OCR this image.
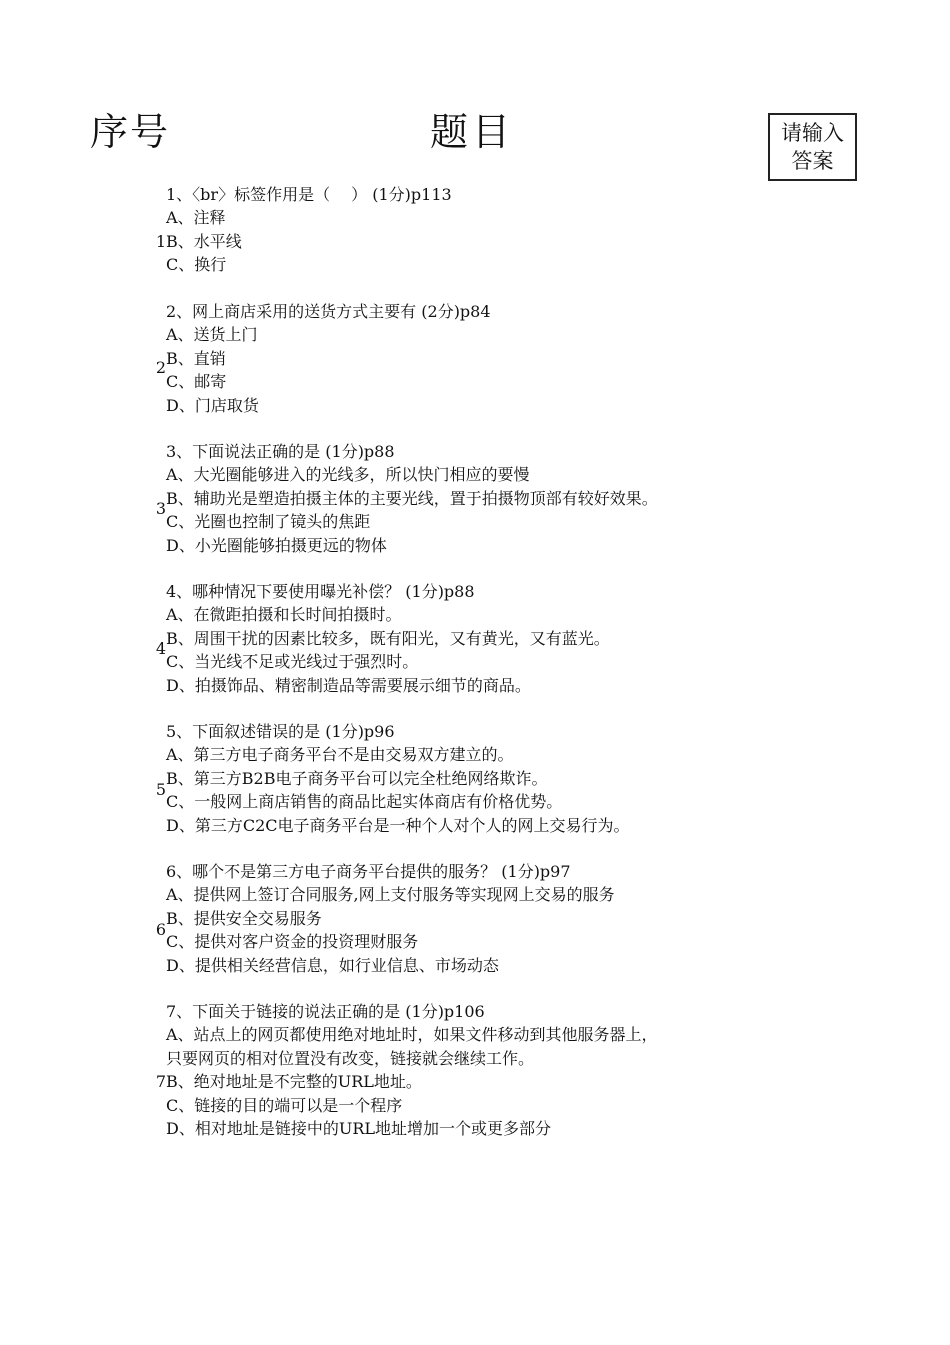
序号	题目	请输入
答案
1
1、〈br〉标签作用是（　 ） (1分)p113
A、注释
B、水平线
C、换行
2
2、网上商店采用的送货方式主要有 (2分)p84
A、送货上门
B、直销
C、邮寄
D、门店取货
3
3、下面说法正确的是 (1分)p88
A、大光圈能够进入的光线多，所以快门相应的要慢
B、辅助光是塑造拍摄主体的主要光线，置于拍摄物顶部有较好效果。
C、光圈也控制了镜头的焦距
D、小光圈能够拍摄更远的物体
4
4、哪种情况下要使用曝光补偿？ (1分)p88
A、在微距拍摄和长时间拍摄时。
B、周围干扰的因素比较多，既有阳光，又有黄光，又有蓝光。
C、当光线不足或光线过于强烈时。
D、拍摄饰品、精密制造品等需要展示细节的商品。
5
5、下面叙述错误的是 (1分)p96
A、第三方电子商务平台不是由交易双方建立的。
B、第三方B2B电子商务平台可以完全杜绝网络欺诈。
C、一般网上商店销售的商品比起实体商店有价格优势。
D、第三方C2C电子商务平台是一种个人对个人的网上交易行为。
6
6、哪个不是第三方电子商务平台提供的服务？ (1分)p97
A、提供网上签订合同服务,网上支付服务等实现网上交易的服务
B、提供安全交易服务
C、提供对客户资金的投资理财服务
D、提供相关经营信息，如行业信息、市场动态
7
7、下面关于链接的说法正确的是 (1分)p106
A、站点上的网页都使用绝对地址时，如果文件移动到其他服务器上，
只要网页的相对位置没有改变，链接就会继续工作。
B、绝对地址是不完整的URL地址。
C、链接的目的端可以是一个程序
D、相对地址是链接中的URL地址增加一个或更多部分
